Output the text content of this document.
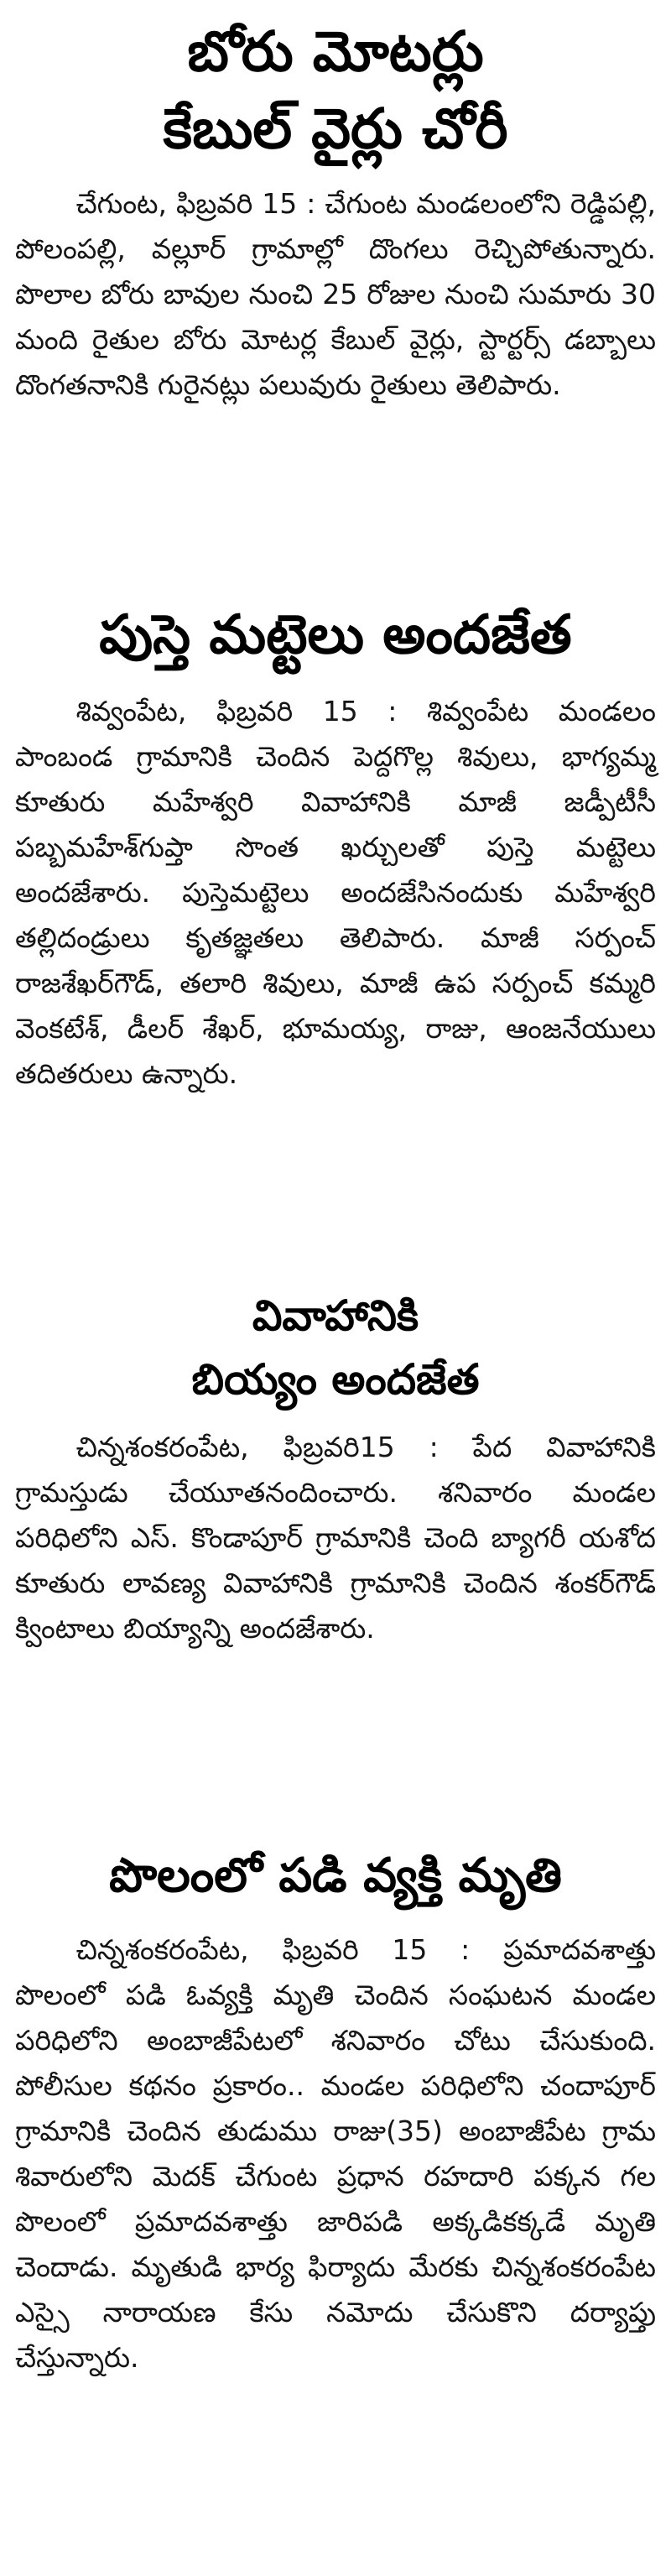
బోరు మోటర్లు
కేబుల్ వైర్లు చోరీ

చేగుంట, ఫిబ్రవరి 15 : చేగుంట మండలంలోని రెడ్డిపల్లి, పోలంపల్లి, వల్లూర్ గ్రామాల్లో దొంగలు రెచ్చిపోతున్నారు. పొలాల బోరు బావుల నుంచి 25 రోజుల నుంచి సుమారు 30 మంది రైతుల బోరు మోటర్ల కేబుల్ వైర్లు, స్టార్టర్స్ డబ్బాలు దొంగతనానికి గురైనట్లు పలువురు రైతులు తెలిపారు.

పుస్తె మట్టెలు అందజేత

శివ్వంపేట, ఫిబ్రవరి 15 : శివ్వంపేట మండలం పాంబండ గ్రామానికి చెందిన పెద్దగొల్ల శివులు, భాగ్యమ్మ కూతురు మహేశ్వరి వివాహానికి మాజీ జడ్పీటీసీ పబ్బమహేశ్‌గుప్తా సొంత ఖర్చులతో పుస్తె మట్టెలు అందజేశారు. పుస్తెమట్టెలు అందజేసినందుకు మహేశ్వరి తల్లిదండ్రులు కృతజ్ఞతలు తెలిపారు. మాజీ సర్పంచ్ రాజశేఖర్‌గౌడ్, తలారి శివులు, మాజీ ఉప సర్పంచ్ కమ్మరి వెంకటేశ్, డీలర్ శేఖర్, భూమయ్య, రాజు, ఆంజనేయులు తదితరులు ఉన్నారు.

వివాహానికి
బియ్యం అందజేత

చిన్నశంకరంపేట, ఫిబ్రవరి15 : పేద వివాహానికి గ్రామస్తుడు చేయూతనందించారు. శనివారం మండల పరిధిలోని ఎస్. కొండాపూర్ గ్రామానికి చెంది బ్యాగరీ యశోద కూతురు లావణ్య వివాహానికి గ్రామానికి చెందిన శంకర్‌గౌడ్ క్వింటాలు బియ్యాన్ని అందజేశారు.

పొలంలో పడి వ్యక్తి మృతి

చిన్నశంకరంపేట, ఫిబ్రవరి 15 : ప్రమాదవశాత్తు పొలంలో పడి ఓవ్యక్తి మృతి చెందిన సంఘటన మండల పరిధిలోని అంబాజీపేటలో శనివారం చోటు చేసుకుంది. పోలీసుల కథనం ప్రకారం.. మండల పరిధిలోని చందాపూర్ గ్రామానికి చెందిన తుడుము రాజు(35) అంబాజీపేట గ్రామ శివారులోని మెదక్ చేగుంట ప్రధాన రహదారి పక్కన గల పొలంలో ప్రమాదవశాత్తు జారిపడి అక్కడికక్కడే మృతి చెందాడు. మృతుడి భార్య ఫిర్యాదు మేరకు చిన్నశంకరంపేట ఎస్సై నారాయణ కేసు నమోదు చేసుకొని దర్యాప్తు చేస్తున్నారు.
